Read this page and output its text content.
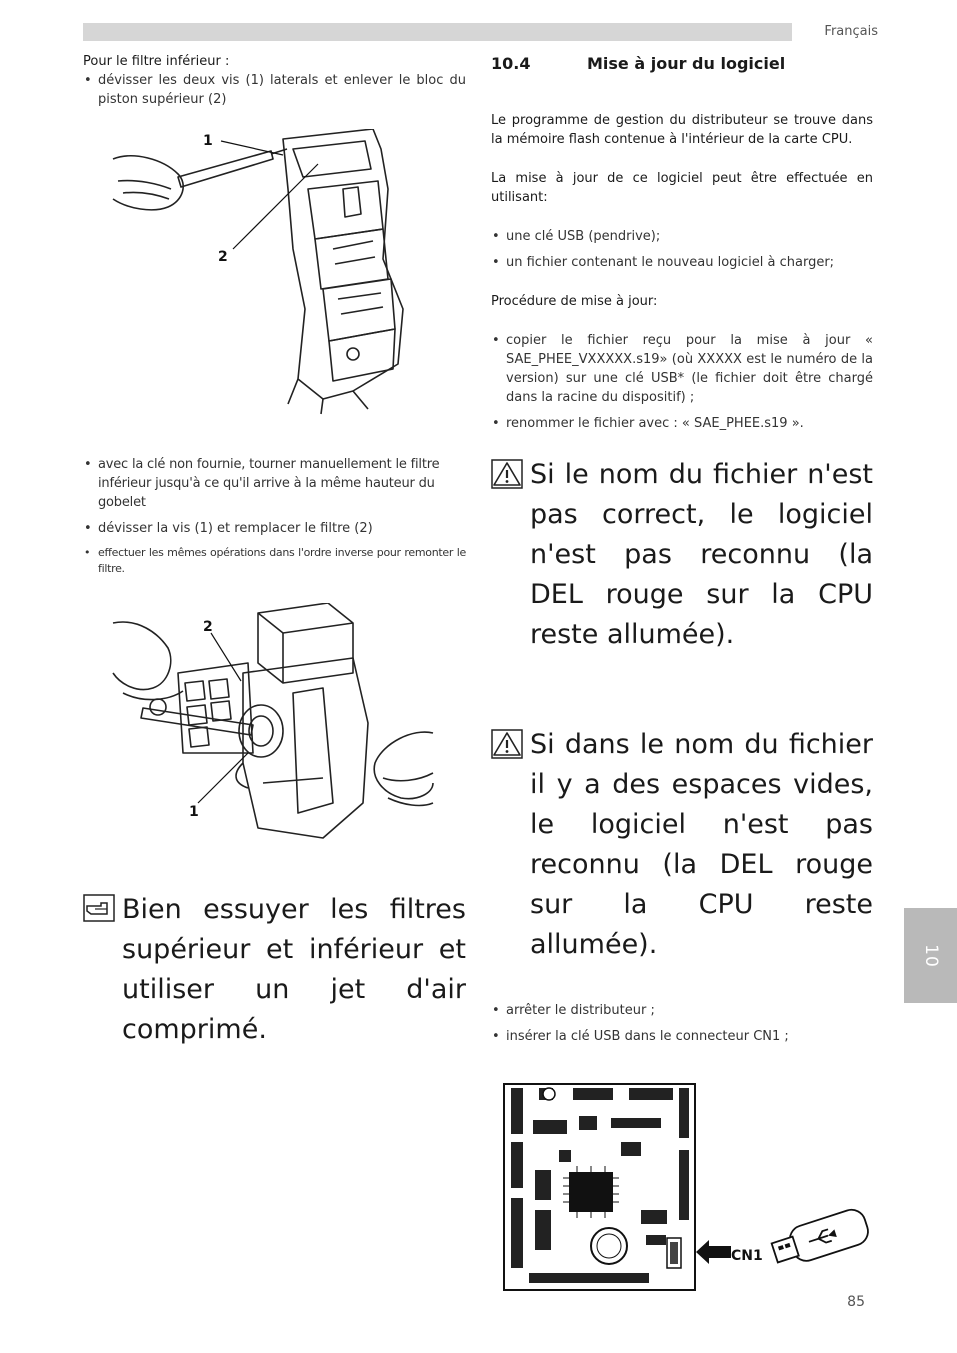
Français
10
85

Pour le filtre inférieur :

• dévisser les deux vis (1) laterals et enlever le bloc du piston supérieur (2)
1
2
• avec la clé non fournie, tourner manuellement le filtre inférieur jusqu'à ce qu'il arrive à la même hauteur du gobelet
• dévisser la vis (1) et remplacer le filtre (2)
• effectuer les mêmes opérations dans l'ordre inverse pour remonter le filtre.
2
1

Bien essuyer les filtres supérieur et inférieur et utiliser un jet d'air comprimé.

10.4	Mise à jour du logiciel

Le programme de gestion du distributeur se trouve dans la mémoire flash contenue à l'intérieur de la carte CPU.

La mise à jour de ce logiciel peut être effectuée en utilisant:

• une clé USB (pendrive);
• un fichier contenant le nouveau logiciel à charger;

Procédure de mise à jour:

• copier le fichier reçu pour la mise à jour « SAE_PHEE_VXXXXX.s19» (où XXXXX est le numéro de la version) sur une clé USB* (le fichier doit être chargé dans la racine du dispositif) ;
• renommer le fichier avec : « SAE_PHEE.s19 ».

Si le nom du fichier n'est pas correct, le logiciel n'est pas reconnu (la DEL rouge sur la CPU reste allumée).

Si dans le nom du fichier il y a des espaces vides, le logiciel n'est pas reconnu (la DEL rouge sur la CPU reste allumée).

• arrêter le distributeur ;
• insérer la clé USB dans le connecteur CN1 ;
CN1
